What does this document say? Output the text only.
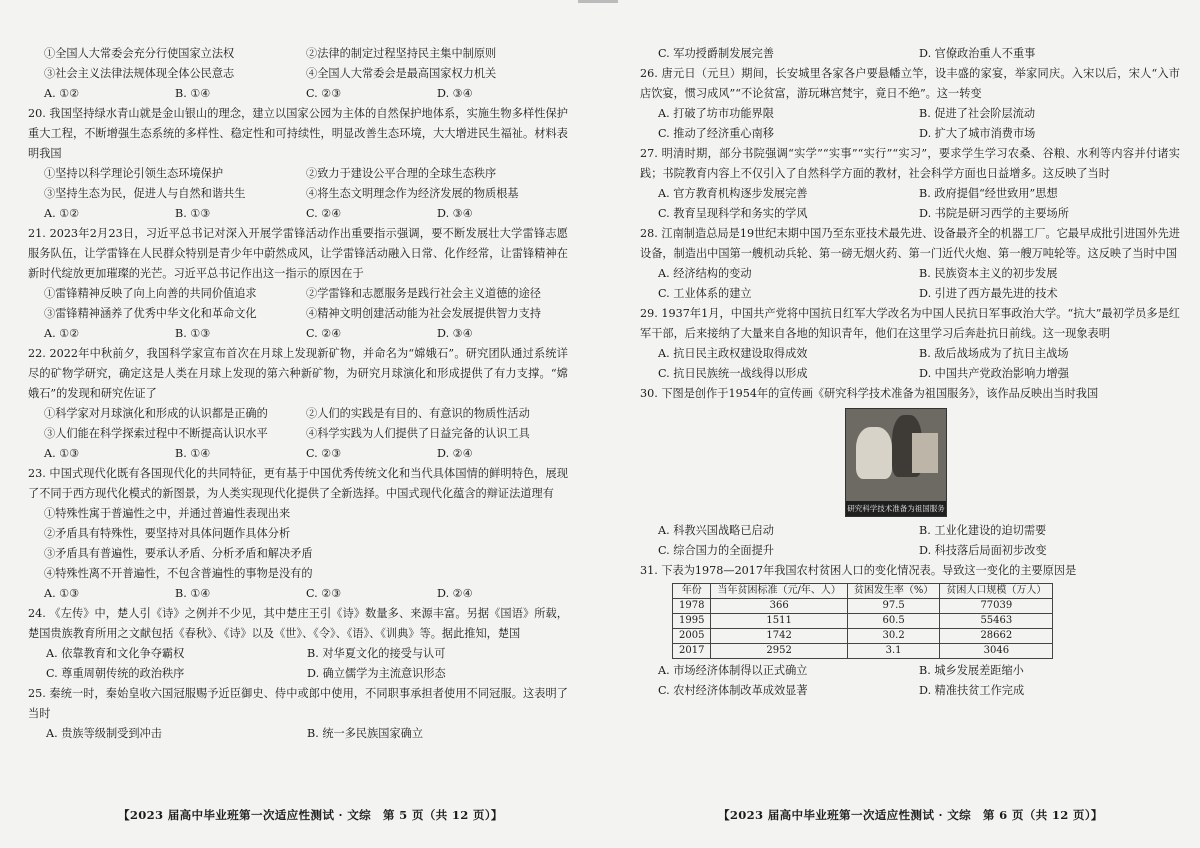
①全国人大常委会充分行使国家立法权	②法律的制定过程坚持民主集中制原则
③社会主义法律法规体现全体公民意志	④全国人大常委会是最高国家权力机关
A. ①②	B. ①④	C. ②③	D. ③④

20. 我国坚持绿水青山就是金山银山的理念，建立以国家公园为主体的自然保护地体系，实施生物多样性保护重大工程，不断增强生态系统的多样性、稳定性和可持续性，明显改善生态环境，大大增进民生福祉。材料表明我国

①坚持以科学理论引领生态环境保护	②致力于建设公平合理的全球生态秩序
③坚持生态为民，促进人与自然和谐共生	④将生态文明理念作为经济发展的物质根基
A. ①②	B. ①③	C. ②④	D. ③④

21. 2023年2月23日，习近平总书记对深入开展学雷锋活动作出重要指示强调，要不断发展壮大学雷锋志愿服务队伍，让学雷锋在人民群众特别是青少年中蔚然成风，让学雷锋活动融入日常、化作经常，让雷锋精神在新时代绽放更加璀璨的光芒。习近平总书记作出这一指示的原因在于

①雷锋精神反映了向上向善的共同价值追求	②学雷锋和志愿服务是践行社会主义道德的途径
③雷锋精神涵养了优秀中华文化和革命文化	④精神文明创建活动能为社会发展提供智力支持
A. ①②	B. ①③	C. ②④	D. ③④

22. 2022年中秋前夕，我国科学家宣布首次在月球上发现新矿物，并命名为“嫦娥石”。研究团队通过系统详尽的矿物学研究，确定这是人类在月球上发现的第六种新矿物，为研究月球演化和形成提供了有力支撑。“嫦娥石”的发现和研究佐证了

①科学家对月球演化和形成的认识都是正确的	②人们的实践是有目的、有意识的物质性活动
③人们能在科学探索过程中不断提高认识水平	④科学实践为人们提供了日益完备的认识工具
A. ①③	B. ①④	C. ②③	D. ②④

23. 中国式现代化既有各国现代化的共同特征，更有基于中国优秀传统文化和当代具体国情的鲜明特色，展现了不同于西方现代化模式的新图景，为人类实现现代化提供了全新选择。中国式现代化蕴含的辩证法道理有

①特殊性寓于普遍性之中，并通过普遍性表现出来

②矛盾具有特殊性，要坚持对具体问题作具体分析

③矛盾具有普遍性，要承认矛盾、分析矛盾和解决矛盾

④特殊性离不开普遍性，不包含普遍性的事物是没有的

A. ①③	B. ①④	C. ②③	D. ②④

24. 《左传》中，楚人引《诗》之例并不少见，其中楚庄王引《诗》数量多、来源丰富。另据《国语》所载，楚国贵族教育所用之文献包括《春秋》、《诗》以及《世》、《令》、《语》、《训典》等。据此推知，楚国

A. 依靠教育和文化争夺霸权	B. 对华夏文化的接受与认可
C. 尊重周朝传统的政治秩序	D. 确立儒学为主流意识形态

25. 秦统一时，秦始皇收六国冠服赐予近臣御史、侍中或郎中使用，不同职事承担者使用不同冠服。这表明了当时

A. 贵族等级制受到冲击	B. 统一多民族国家确立
【2023 届高中毕业班第一次适应性测试 · 文综　第 5 页（共 12 页）】
C. 军功授爵制发展完善	D. 官僚政治重人不重事

26. 唐元日（元旦）期间，长安城里各家各户要悬幡立竿，设丰盛的家宴，举家同庆。入宋以后，宋人“入市店饮宴，惯习成风”“不论贫富，游玩琳宫梵宇，竟日不绝”。这一转变

A. 打破了坊市功能界限	B. 促进了社会阶层流动
C. 推动了经济重心南移	D. 扩大了城市消费市场

27. 明清时期，部分书院强调“实学”“实事”“实行”“实习”，要求学生学习农桑、谷粮、水利等内容并付诸实践；书院教育内容上不仅引入了自然科学方面的教材，社会科学方面也日益增多。这反映了当时

A. 官方教育机构逐步发展完善	B. 政府提倡“经世致用”思想
C. 教育呈现科学和务实的学风	D. 书院是研习西学的主要场所

28. 江南制造总局是19世纪末期中国乃至东亚技术最先进、设备最齐全的机器工厂。它最早成批引进国外先进设备，制造出中国第一艘机动兵轮、第一磅无烟火药、第一门近代火炮、第一艘万吨轮等。这反映了当时中国

A. 经济结构的变动	B. 民族资本主义的初步发展
C. 工业体系的建立	D. 引进了西方最先进的技术

29. 1937年1月，中国共产党将中国抗日红军大学改名为中国人民抗日军事政治大学。“抗大”最初学员多是红军干部，后来接纳了大量来自各地的知识青年，他们在这里学习后奔赴抗日前线。这一现象表明

A. 抗日民主政权建设取得成效	B. 敌后战场成为了抗日主战场
C. 抗日民族统一战线得以形成	D. 中国共产党政治影响力增强

30. 下图是创作于1954年的宣传画《研究科学技术准备为祖国服务》，该作品反映出当时我国

研究科学技术准备为祖国服务
A. 科教兴国战略已启动	B. 工业化建设的迫切需要
C. 综合国力的全面提升	D. 科技落后局面初步改变

31. 下表为1978—2017年我国农村贫困人口的变化情况表。导致这一变化的主要原因是

年份	当年贫困标准（元/年、人）	贫困发生率（%）	贫困人口规模（万人）
1978	366	97.5	77039
1995	1511	60.5	55463
2005	1742	30.2	28662
2017	2952	3.1	3046
A. 市场经济体制得以正式确立	B. 城乡发展差距缩小
C. 农村经济体制改革成效显著	D. 精准扶贫工作完成
【2023 届高中毕业班第一次适应性测试 · 文综　第 6 页（共 12 页）】
